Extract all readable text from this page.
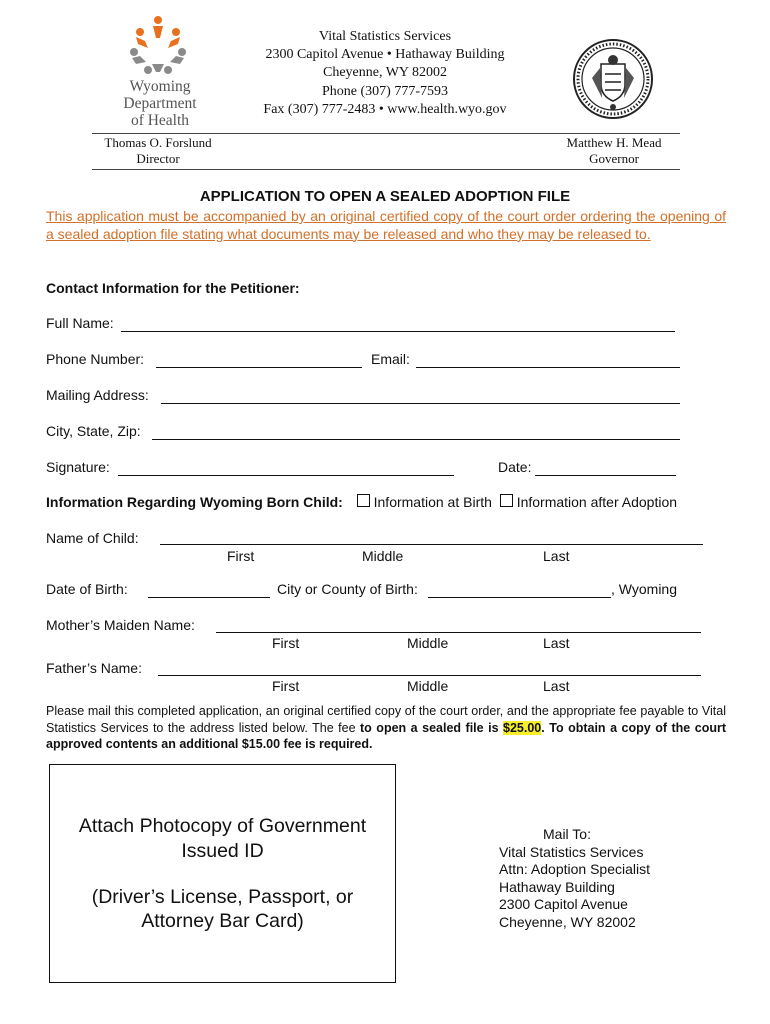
Wyoming
Department
of Health
Vital Statistics Services
2300 Capitol Avenue • Hathaway Building
Cheyenne, WY 82002
Phone (307) 777-7593
Fax (307) 777-2483 • www.health.wyo.gov
Thomas O. Forslund
Director
Matthew H. Mead
Governor
APPLICATION TO OPEN A SEALED ADOPTION FILE
This application must be accompanied by an original certified copy of the court order ordering the opening of a sealed adoption file stating what documents may be released and who they may be released to.
Contact Information for the Petitioner:
Full Name:
Phone Number:	Email:
Mailing Address:
City, State, Zip:
Signature:	Date:
Information Regarding Wyoming Born Child: Information at Birth Information after Adoption
Name of Child:
First	Middle	Last
Date of Birth:	City or County of Birth:	, Wyoming
Mother’s Maiden Name:
First	Middle	Last
Father’s Name:
First	Middle	Last
Please mail this completed application, an original certified copy of the court order, and the appropriate fee payable to Vital Statistics Services to the address listed below. The fee to open a sealed file is $25.00. To obtain a copy of the court approved contents an additional $15.00 fee is required.
Attach Photocopy of Government
Issued ID
(Driver’s License, Passport, or
Attorney Bar Card)
Mail To:
Vital Statistics Services
Attn: Adoption Specialist
Hathaway Building
2300 Capitol Avenue
Cheyenne, WY 82002
